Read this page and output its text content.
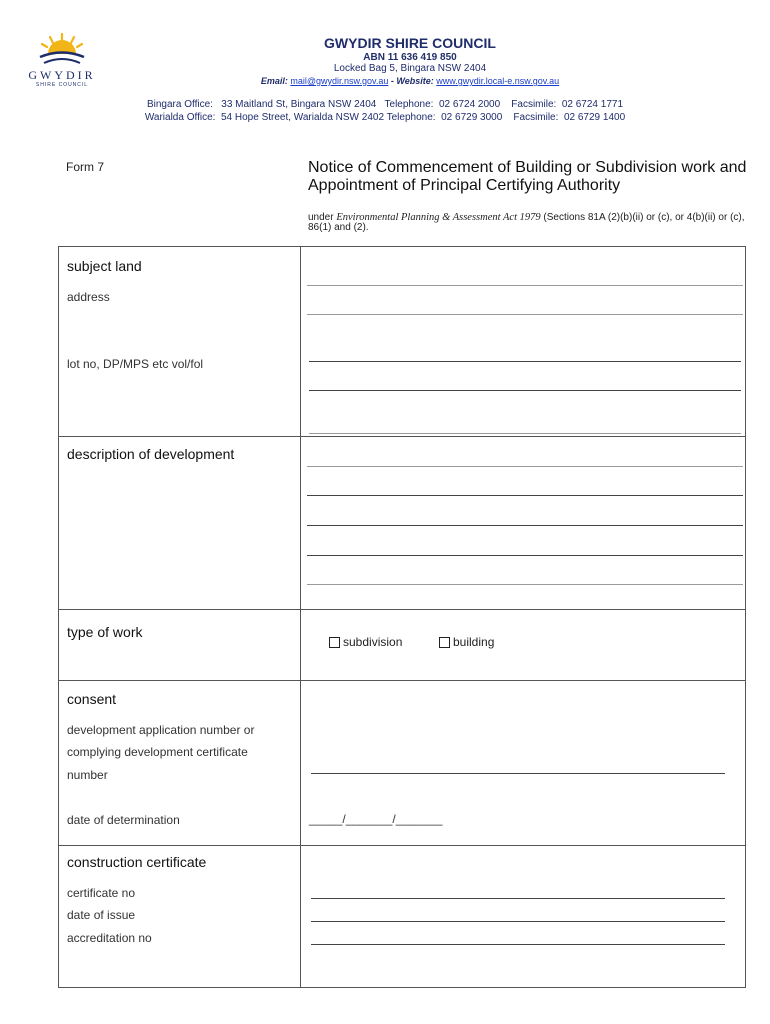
GWYDIR
SHIRE COUNCIL
GWYDIR SHIRE COUNCIL
ABN 11 636 419 850
Locked Bag 5, Bingara NSW 2404
Email: mail@gwydir.nsw.gov.au - Website: www.gwydir.local-e.nsw.gov.au
Bingara Office:   33 Maitland St, Bingara NSW 2404   Telephone:  02 6724 2000    Facsimile:  02 6724 1771
Warialda Office:  54 Hope Street, Warialda NSW 2402 Telephone:  02 6729 3000    Facsimile:  02 6729 1400
Form 7	Notice of Commencement of Building or Subdivision work and Appointment of Principal Certifying Authority
under Environmental Planning & Assessment Act 1979 (Sections 81A (2)(b)(ii) or (c), or 4(b)(ii) or (c), 86(1) and (2).
subject land
address
lot no, DP/MPS etc vol/fol
description of development
type of work
subdivision	building
consent
development application number or
complying development certificate
number
date of determination	_____/_______/_______
construction certificate
certificate no
date of issue
accreditation no
